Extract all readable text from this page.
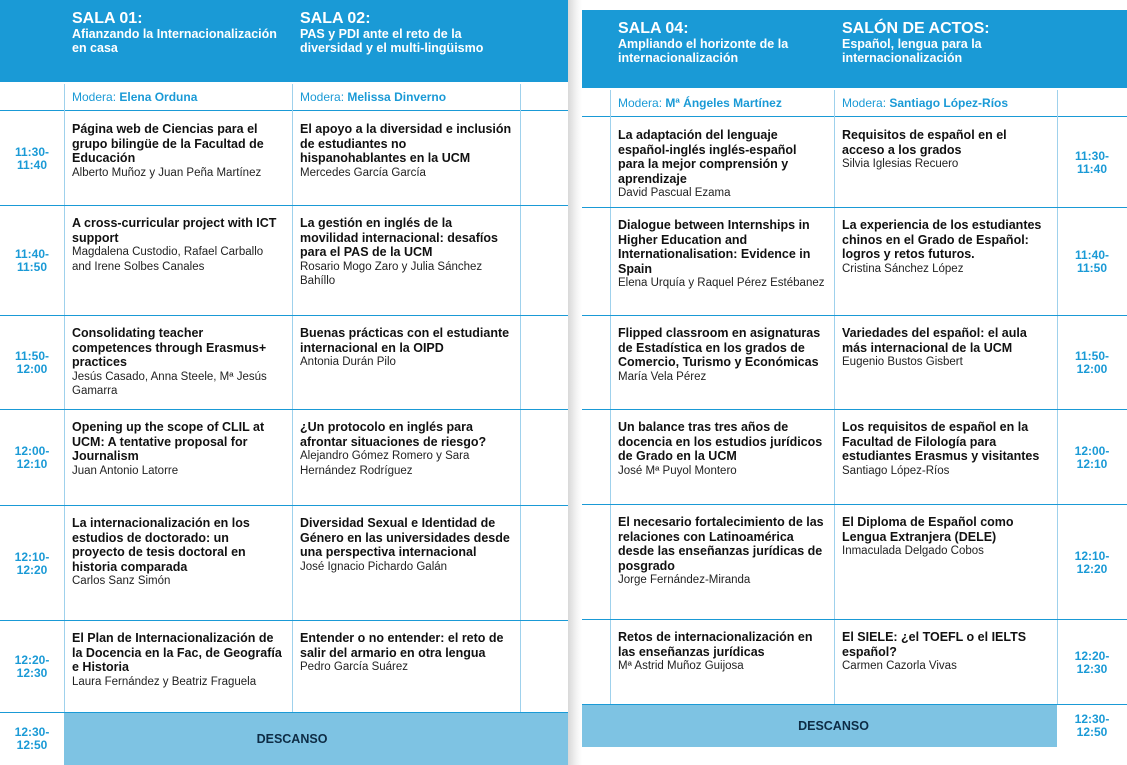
SALA 01:
Afianzando la Internacionalización en casa
Modera: Elena Orduna
SALA 02:
PAS y PDI ante el reto de la diversidad y el multi-lingüismo
Modera: Melissa Dinverno
11:30-
11:40
Página web de Ciencias para el grupo bilingüe de la Facultad de Educación
Alberto Muñoz y Juan Peña Martínez
El apoyo a la diversidad e inclusión de estudiantes no hispanohablantes en la UCM
Mercedes García García
11:40-
11:50
A cross-curricular project with ICT support
Magdalena Custodio, Rafael Carballo and Irene Solbes Canales
La gestión en inglés de la movilidad internacional: desafíos para el PAS de la UCM
Rosario Mogo Zaro y Julia Sánchez Bahíllo
11:50-
12:00
Consolidating teacher competences through Erasmus+ practices
Jesús Casado, Anna Steele, Mª Jesús Gamarra
Buenas prácticas con el estudiante internacional en la OIPD
Antonia Durán Pilo
12:00-
12:10
Opening up the scope of CLIL at UCM: A tentative proposal for Journalism
Juan Antonio Latorre
¿Un protocolo en inglés para afrontar situaciones de riesgo?
Alejandro Gómez Romero y Sara Hernández Rodríguez
12:10-
12:20
La internacionalización en los estudios de doctorado: un proyecto de tesis doctoral en historia comparada
Carlos Sanz Simón
Diversidad Sexual e Identidad de Género en las universidades desde una perspectiva internacional
José Ignacio Pichardo Galán
12:20-
12:30
El Plan de Internacionalización de la Docencia en la Fac, de Geografía e Historia
Laura Fernández y Beatriz Fraguela
Entender o no entender: el reto de salir del armario en otra lengua
Pedro García Suárez
DESCANSO
12:30-
12:50
SALA 04:
Ampliando el horizonte de la internacionalización
Modera: Mª Ángeles Martínez
SALÓN DE ACTOS:
Español, lengua para la internacionalización
Modera: Santiago López-Ríos
11:30-
11:40
La adaptación del lenguaje español-inglés inglés-español para la mejor comprensión y aprendizaje
David Pascual Ezama
Requisitos de español en el acceso a los grados
Silvia Iglesias Recuero
11:40-
11:50
Dialogue between Internships in Higher Education and Internationalisation: Evidence in Spain
Elena Urquía y Raquel Pérez Estébanez
La experiencia de los estudiantes chinos en el Grado de Español: logros y retos futuros.
Cristina Sánchez López
11:50-
12:00
Flipped classroom en asignaturas de Estadística en los grados de Comercio, Turismo y Económicas
María Vela Pérez
Variedades del español: el aula más internacional de la UCM
Eugenio Bustos Gisbert
12:00-
12:10
Un balance tras tres años de docencia en los estudios jurídicos de Grado en la UCM
José Mª Puyol Montero
Los requisitos de español en la Facultad de Filología para estudiantes Erasmus y visitantes
Santiago López-Ríos
12:10-
12:20
El necesario fortalecimiento de las relaciones con Latinoamérica desde las enseñanzas jurídicas de posgrado
Jorge Fernández-Miranda
El Diploma de Español como Lengua Extranjera (DELE)
Inmaculada Delgado Cobos
12:20-
12:30
Retos de internacionalización en las enseñanzas jurídicas
Mª Astrid Muñoz Guijosa
El SIELE: ¿el TOEFL o el IELTS español?
Carmen Cazorla Vivas
DESCANSO	12:30-
12:50
